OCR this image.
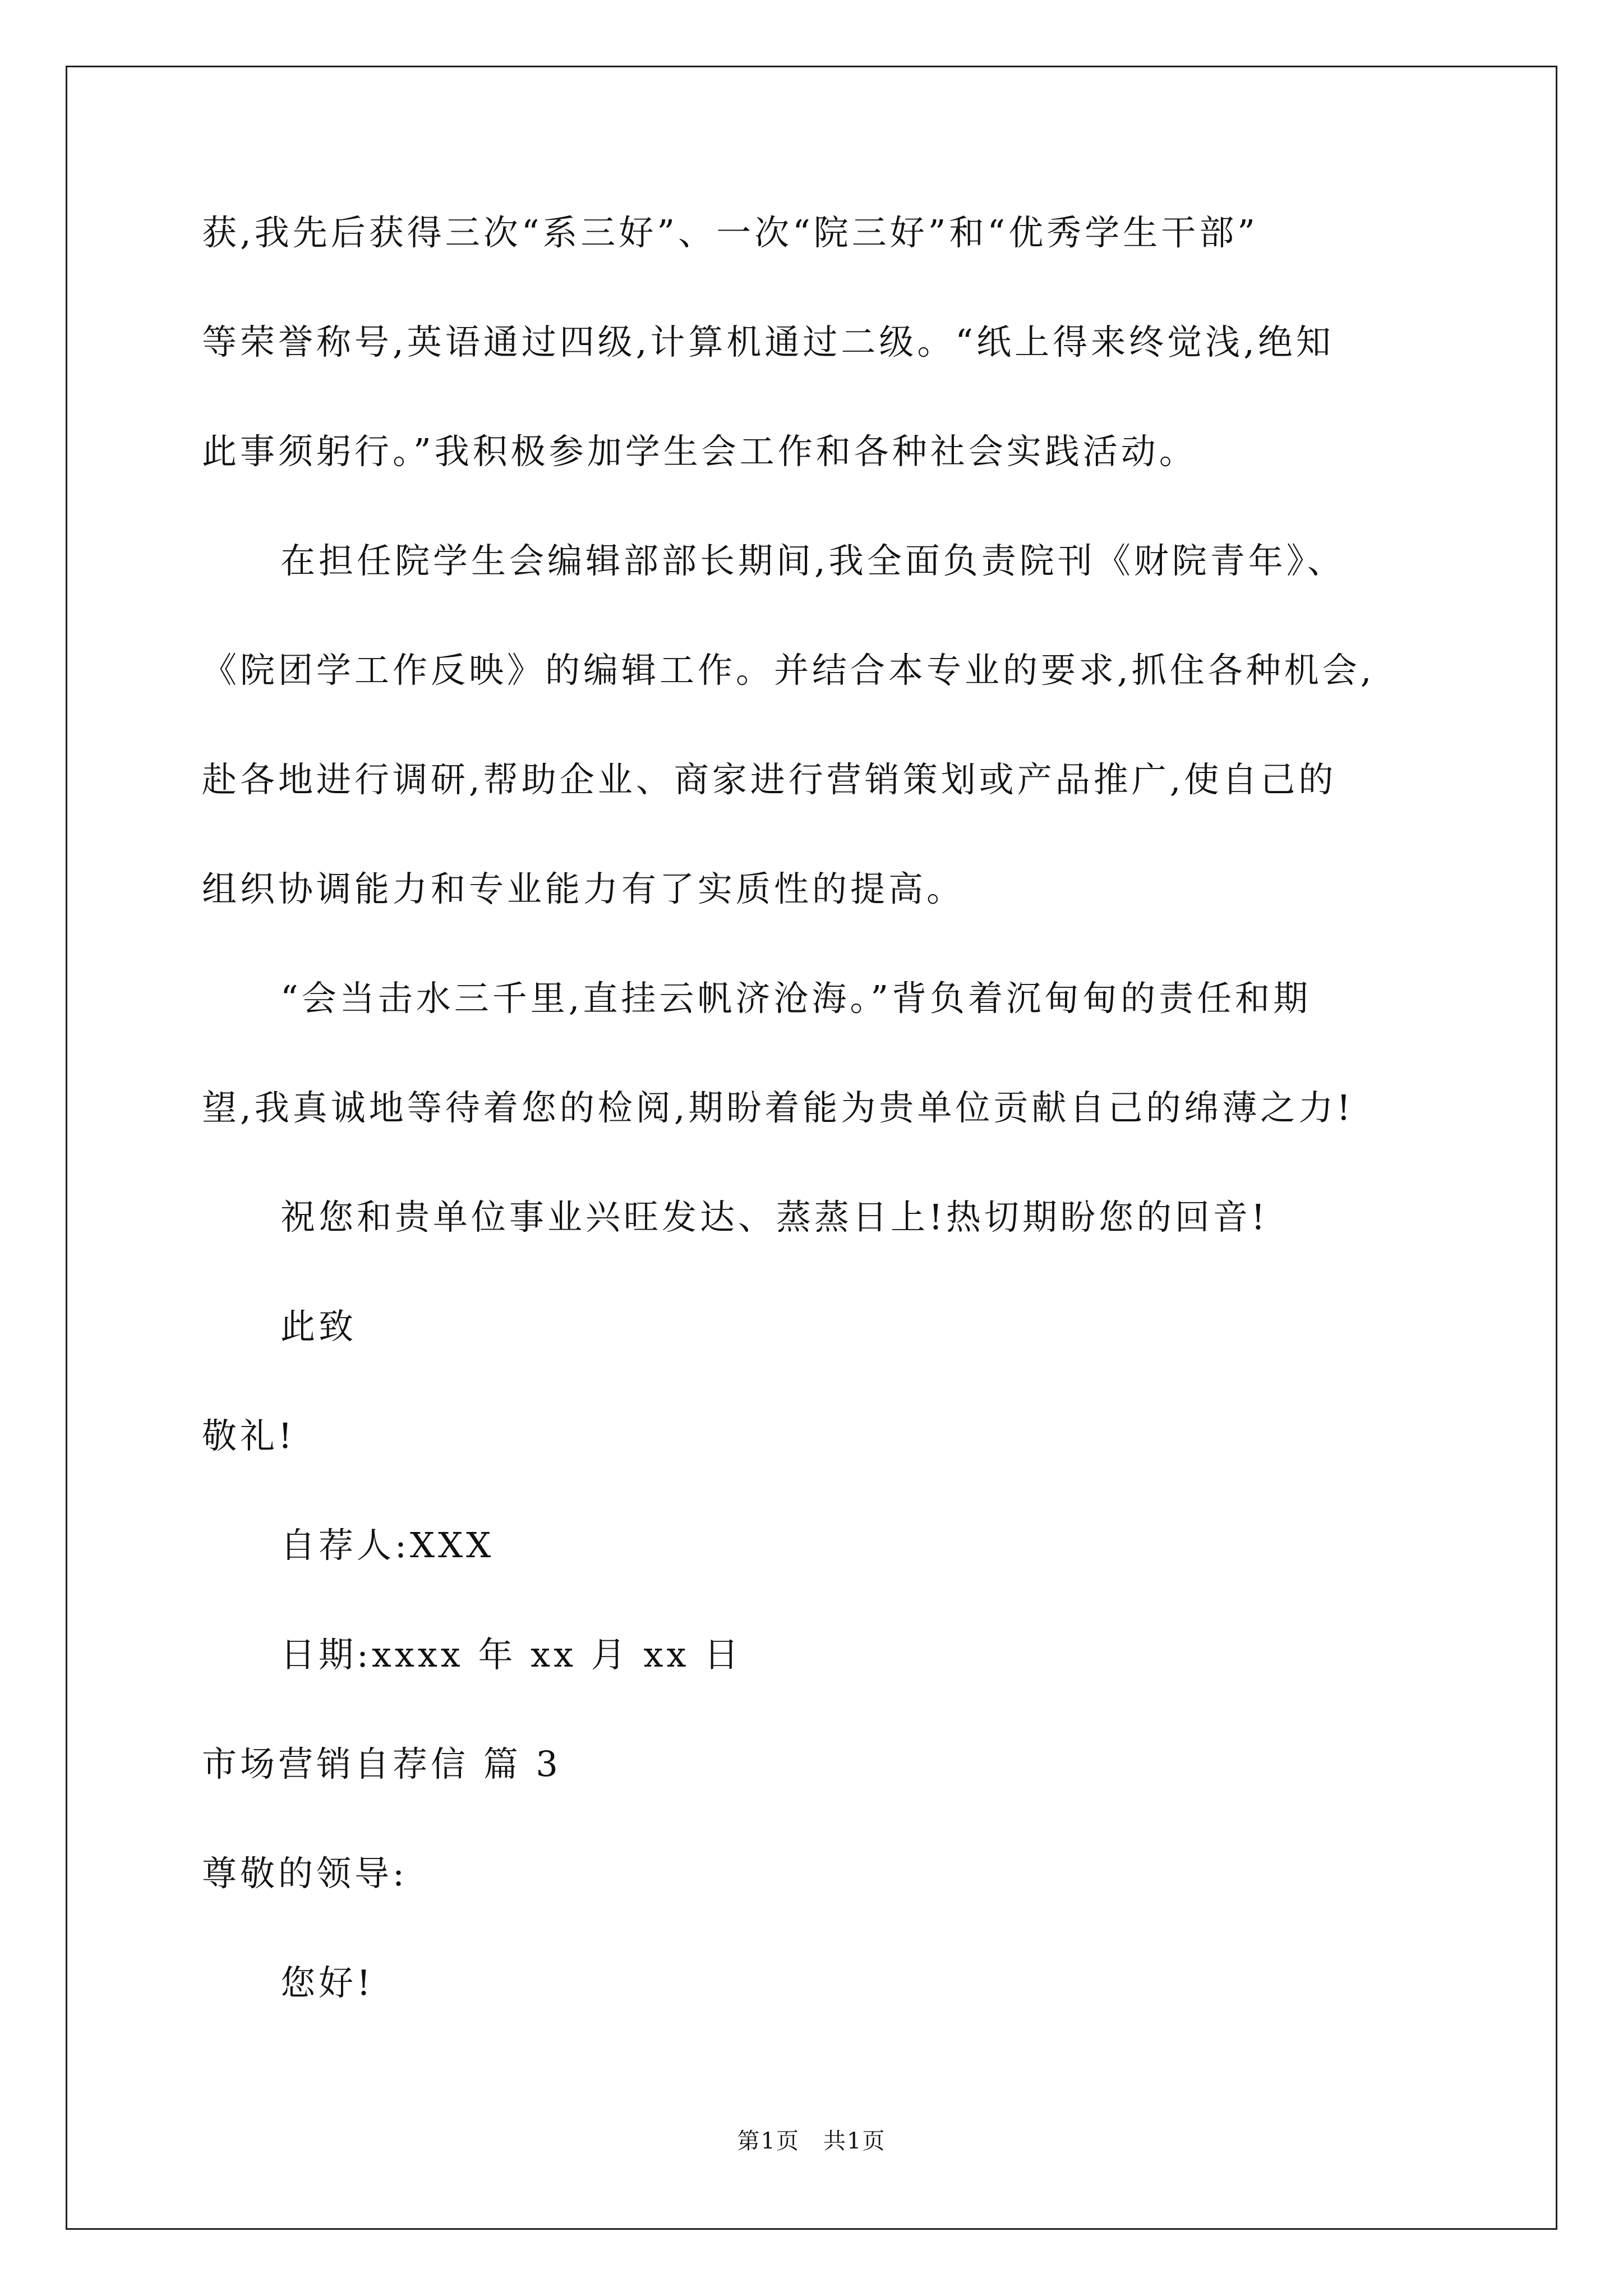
获,我先后获得三次“系三好”、一次“院三好”和“优秀学生干部”
等荣誉称号,英语通过四级,计算机通过二级。“纸上得来终觉浅,绝知
此事须躬行。”我积极参加学生会工作和各种社会实践活动。
在担任院学生会编辑部部长期间,我全面负责院刊《财院青年》、
《院团学工作反映》的编辑工作。并结合本专业的要求,抓住各种机会,
赴各地进行调研,帮助企业、商家进行营销策划或产品推广,使自己的
组织协调能力和专业能力有了实质性的提高。
“会当击水三千里,直挂云帆济沧海。”背负着沉甸甸的责任和期
望,我真诚地等待着您的检阅,期盼着能为贵单位贡献自己的绵薄之力!
祝您和贵单位事业兴旺发达、蒸蒸日上!热切期盼您的回音!
此致
敬礼!
自荐人:XXX
日期:xxxx 年 xx 月 xx 日
市场营销自荐信 篇 3
尊敬的领导:
您好!
第1页　共1页
